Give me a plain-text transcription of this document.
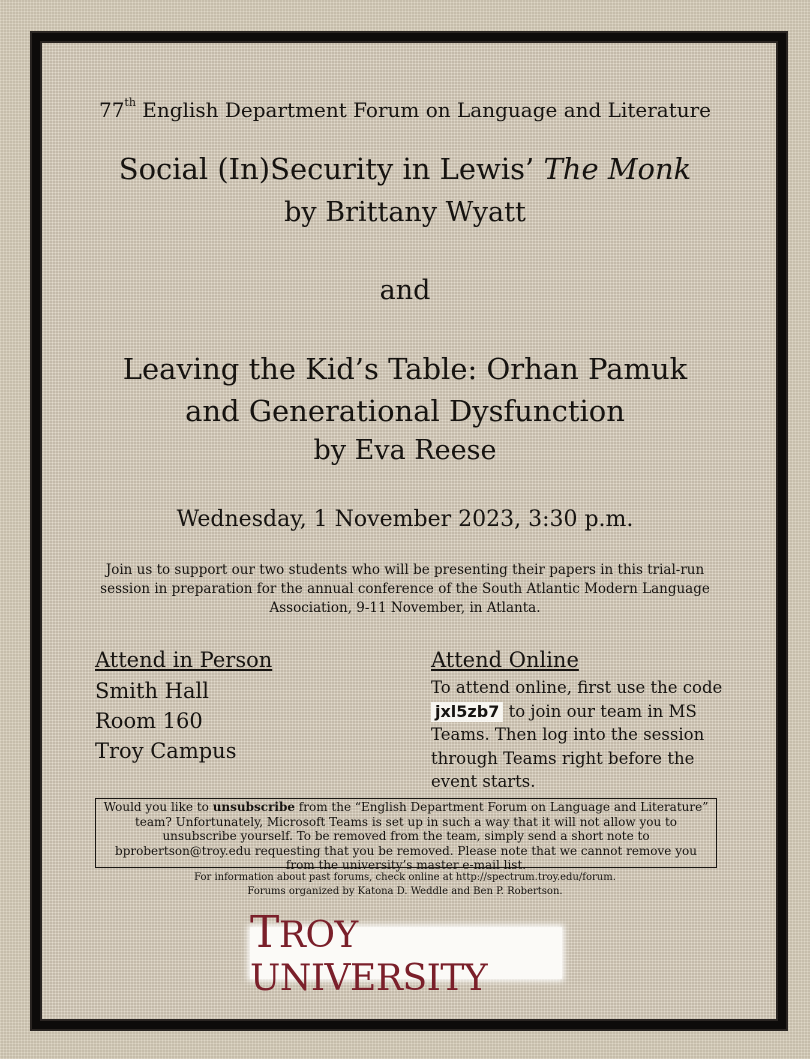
77th English Department Forum on Language and Literature
Social (In)Security in Lewis’ The Monk
by Brittany Wyatt
and
Leaving the Kid’s Table: Orhan Pamuk
and Generational Dysfunction
by Eva Reese
Wednesday, 1 November 2023, 3:30 p.m.
Join us to support our two students who will be presenting their papers in this trial-run session in preparation for the annual conference of the South Atlantic Modern Language Association, 9-11 November, in Atlanta.
Attend in Person
Smith Hall
Room 160
Troy Campus
Attend Online
To attend online, first use the code jxl5zb7 to join our team in MS Teams. Then log into the session through Teams right before the event starts.
Would you like to unsubscribe from the “English Department Forum on Language and Literature” team? Unfortunately, Microsoft Teams is set up in such a way that it will not allow you to unsubscribe yourself. To be removed from the team, simply send a short note to bprobertson@troy.edu requesting that you be removed. Please note that we cannot remove you from the university’s master e-mail list.
For information about past forums, check online at http://spectrum.troy.edu/forum.
Forums organized by Katona D. Weddle and Ben P. Robertson.
TROY UNIVERSITY
